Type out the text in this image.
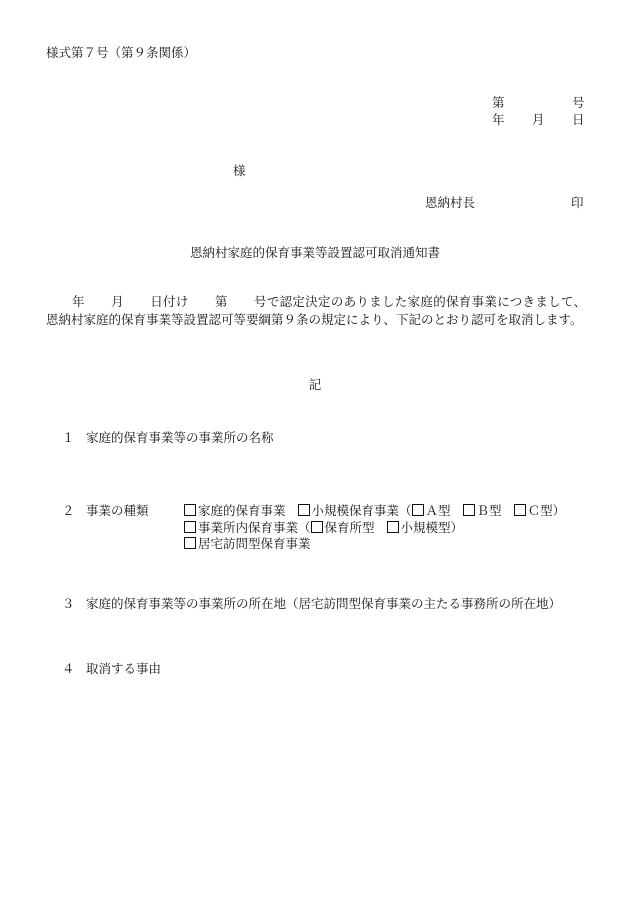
様式第７号（第９条関係）
第	号
年 月 日
様
恩納村長	印
恩納村家庭的保育事業等設置認可取消通知書
年 月 日付け 第 号で認定決定のありました家庭的保育事業につきまして、恩納村家庭的保育事業等設置認可等要綱第９条の規定により、下記のとおり認可を取消します。
記
１ 家庭的保育事業等の事業所の名称
２ 事業の種類	家庭的保育事業 小規模保育事業（ Ａ型 Ｂ型 Ｃ型）
事業所内保育事業（ 保育所型 小規模型）
居宅訪問型保育事業
３ 家庭的保育事業等の事業所の所在地（居宅訪問型保育事業の主たる事務所の所在地）
４ 取消する事由
